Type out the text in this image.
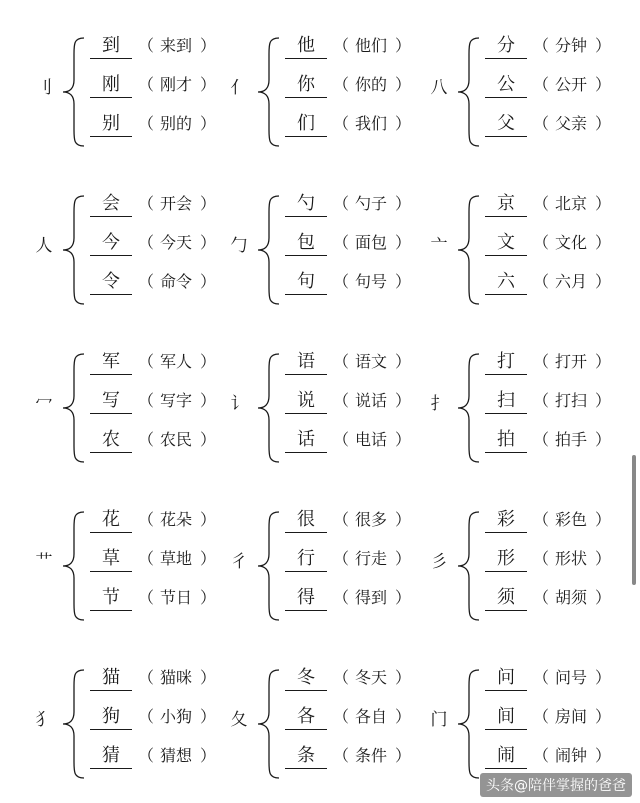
刂
到	（ 来到 ）
刚	（ 刚才 ）
别	（ 别的 ）
亻
他	（ 他们 ）
你	（ 你的 ）
们	（ 我们 ）
八
分	（ 分钟 ）
公	（ 公开 ）
父	（ 父亲 ）
人
会	（ 开会 ）
今	（ 今天 ）
令	（ 命令 ）
勹
勺	（ 勺子 ）
包	（ 面包 ）
句	（ 句号 ）
亠
京	（ 北京 ）
文	（ 文化 ）
六	（ 六月 ）
冖
军	（ 军人 ）
写	（ 写字 ）
农	（ 农民 ）
讠
语	（ 语文 ）
说	（ 说话 ）
话	（ 电话 ）
扌
打	（ 打开 ）
扫	（ 打扫 ）
拍	（ 拍手 ）
艹
花	（ 花朵 ）
草	（ 草地 ）
节	（ 节日 ）
彳
很	（ 很多 ）
行	（ 行走 ）
得	（ 得到 ）
彡
彩	（ 彩色 ）
形	（ 形状 ）
须	（ 胡须 ）
犭
猫	（ 猫咪 ）
狗	（ 小狗 ）
猜	（ 猜想 ）
夂
冬	（ 冬天 ）
各	（ 各自 ）
条	（ 条件 ）
门
问	（ 问号 ）
间	（ 房间 ）
闹	（ 闹钟 ）
头条@陪伴掌握的爸爸
